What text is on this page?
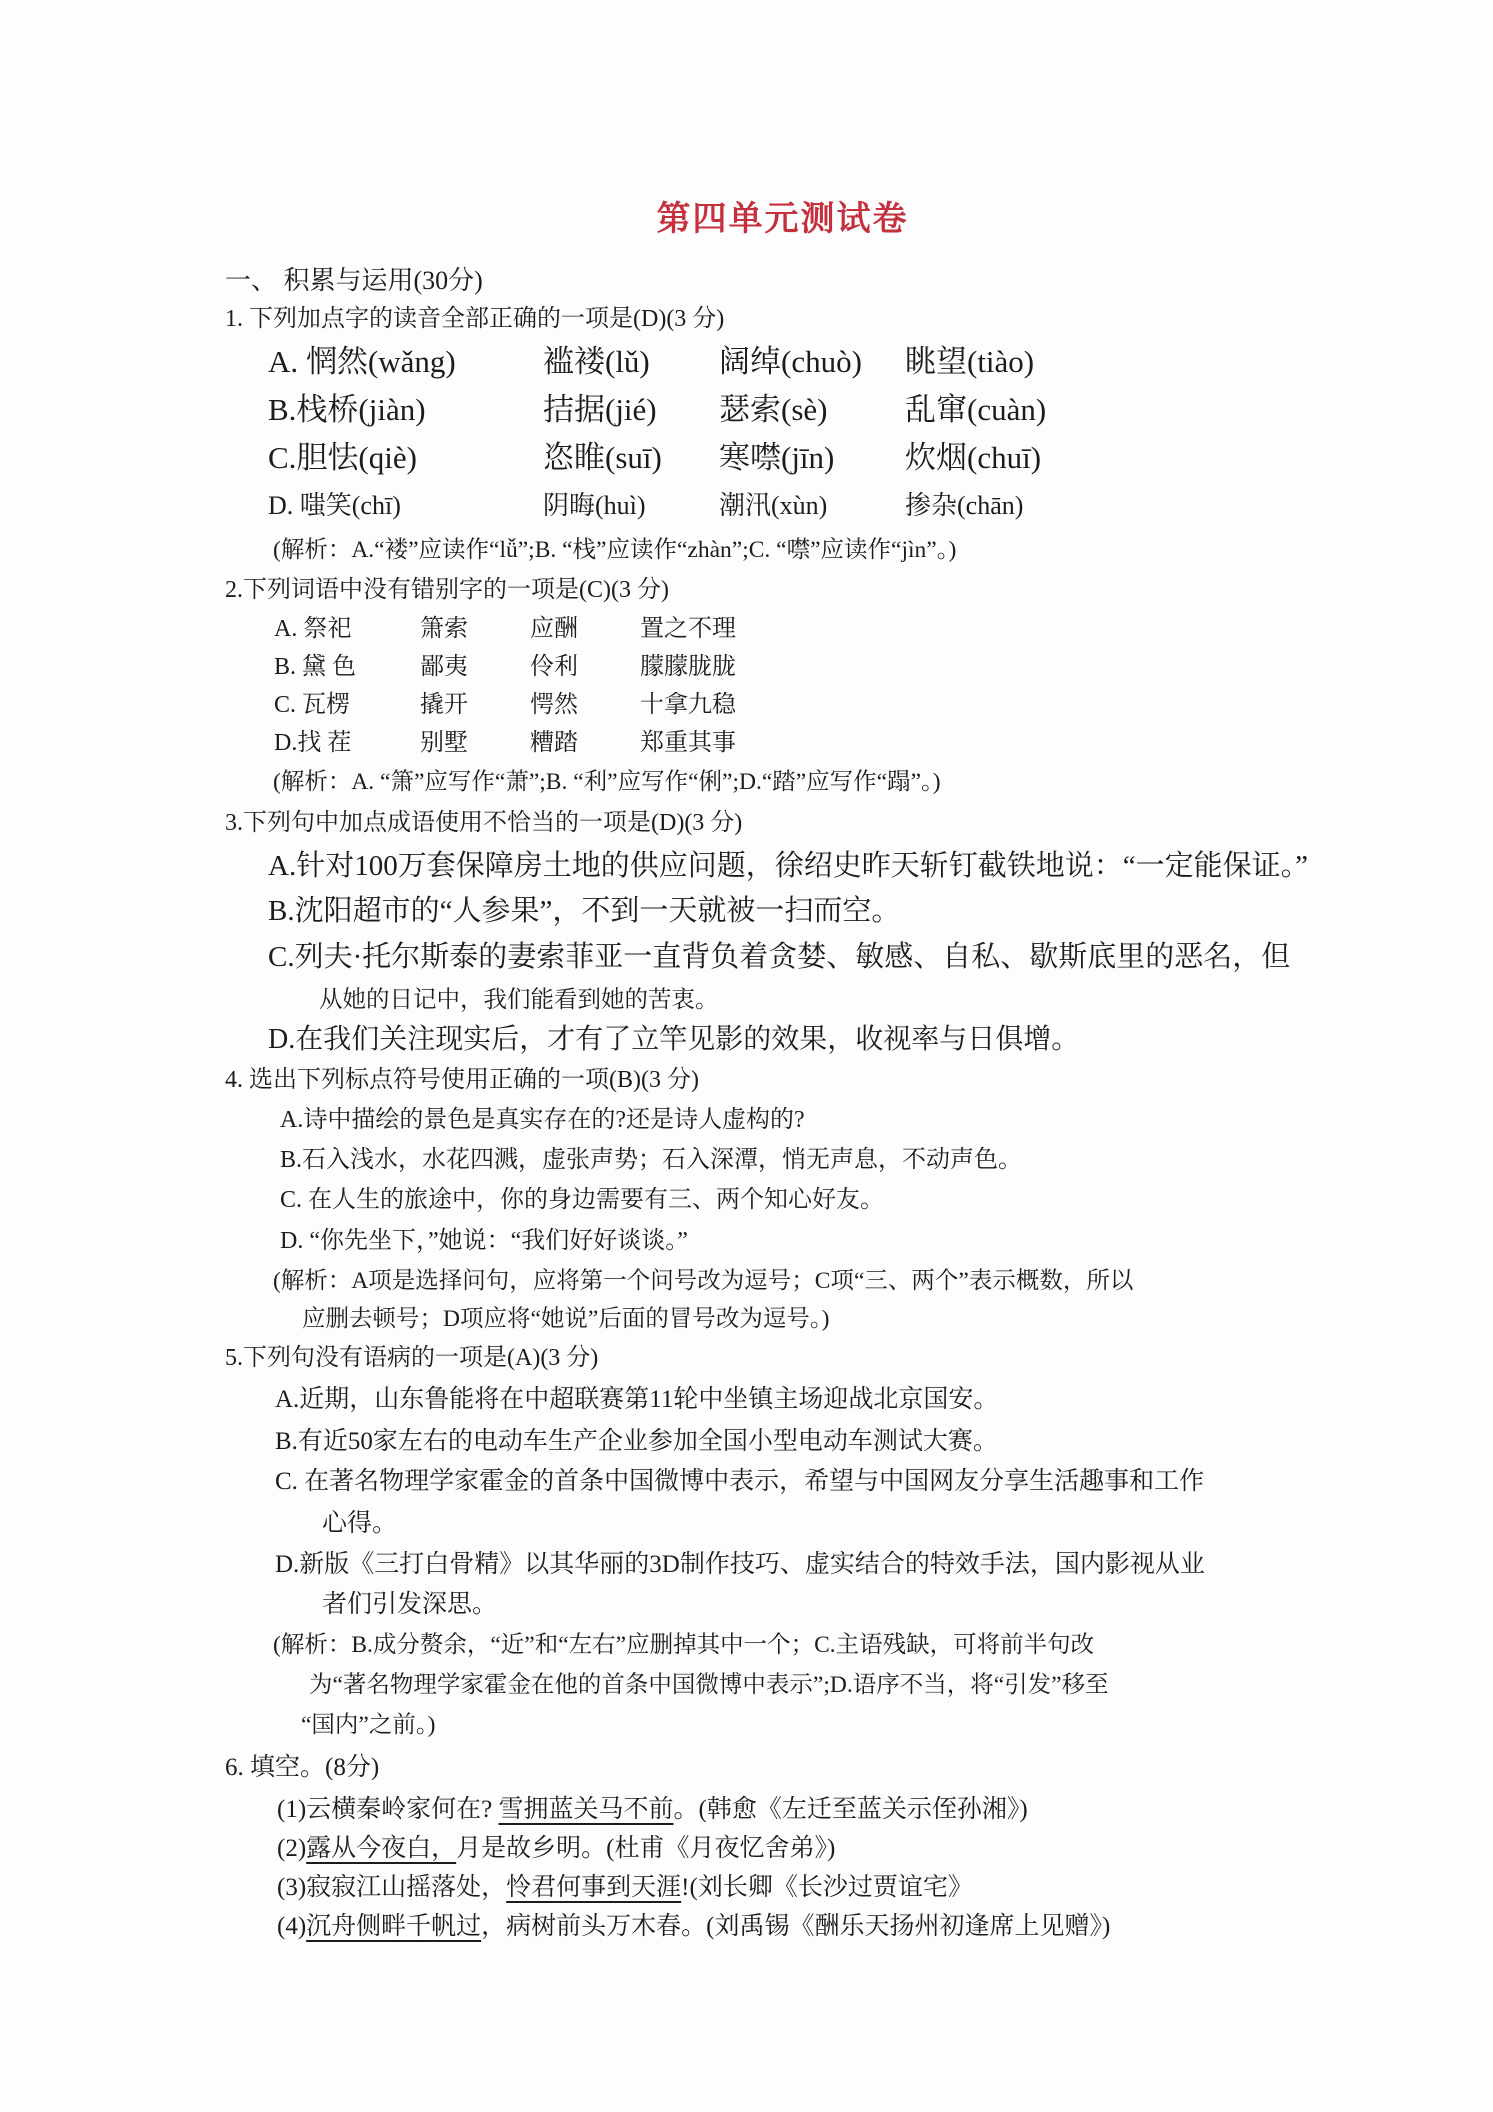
第四单元测试卷
一、 积累与运用(30分)
1. 下列加点字的读音全部正确的一项是(D)(3 分)
A. 惘然(wǎng)	褴褛(lǔ)	阔绰(chuò)	眺望(tiào)
B.栈桥(jiàn)	拮据(jié)	瑟索(sè)	乱窜(cuàn)
C.胆怯(qiè)	恣睢(suī)	寒噤(jīn)	炊烟(chuī)
D. 嗤笑(chī)	阴晦(huì)	潮汛(xùn)	掺杂(chān)
(解析：A.“褛”应读作“lǚ”;B. “栈”应读作“zhàn”;C. “噤”应读作“jìn”。)
2.下列词语中没有错别字的一项是(C)(3 分)
A. 祭祀	箫索	应酬	置之不理
B. 黛 色	鄙夷	伶利	朦朦胧胧
C. 瓦楞	撬开	愕然	十拿九稳
D.找 茬	别墅	糟踏	郑重其事
(解析：A. “箫”应写作“萧”;B. “利”应写作“俐”;D.“踏”应写作“蹋”。)
3.下列句中加点成语使用不恰当的一项是(D)(3 分)
A.针对100万套保障房土地的供应问题，徐绍史昨天斩钉截铁地说：“一定能保证。”
B.沈阳超市的“人参果”，不到一天就被一扫而空。
C.列夫·托尔斯泰的妻索菲亚一直背负着贪婪、敏感、自私、歇斯底里的恶名，但
从她的日记中，我们能看到她的苦衷。
D.在我们关注现实后，才有了立竿见影的效果，收视率与日俱增。
4. 选出下列标点符号使用正确的一项(B)(3 分)
A.诗中描绘的景色是真实存在的?还是诗人虚构的?
B.石入浅水，水花四溅，虚张声势；石入深潭，悄无声息，不动声色。
C. 在人生的旅途中，你的身边需要有三、两个知心好友。
D. “你先坐下，”她说：“我们好好谈谈。”
(解析：A项是选择问句，应将第一个问号改为逗号；C项“三、两个”表示概数，所以
应删去顿号；D项应将“她说”后面的冒号改为逗号。)
5.下列句没有语病的一项是(A)(3 分)
A.近期，山东鲁能将在中超联赛第11轮中坐镇主场迎战北京国安。
B.有近50家左右的电动车生产企业参加全国小型电动车测试大赛。
C. 在著名物理学家霍金的首条中国微博中表示，希望与中国网友分享生活趣事和工作
心得。
D.新版《三打白骨精》以其华丽的3D制作技巧、虚实结合的特效手法，国内影视从业
者们引发深思。
(解析：B.成分赘余，“近”和“左右”应删掉其中一个；C.主语残缺，可将前半句改
为“著名物理学家霍金在他的首条中国微博中表示”;D.语序不当，将“引发”移至
“国内”之前。)
6. 填空。(8分)
(1)云横秦岭家何在? 雪拥蓝关马不前。(韩愈《左迁至蓝关示侄孙湘》)
(2)露从今夜白，月是故乡明。(杜甫《月夜忆舍弟》)
(3)寂寂江山摇落处，怜君何事到天涯!(刘长卿《长沙过贾谊宅》
(4)沉舟侧畔千帆过，病树前头万木春。(刘禹锡《酬乐天扬州初逢席上见赠》)
